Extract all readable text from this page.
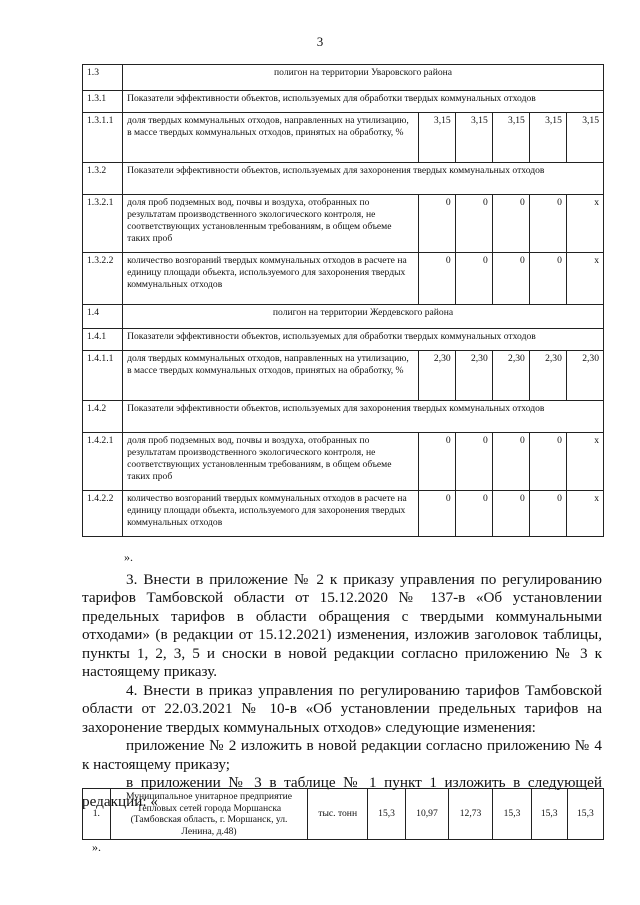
3
1.3	полигон на территории Уваровского района					
1.3.1	Показатели эффективности объектов, используемых для обработки твердых коммунальных отходов					
1.3.1.1	доля твердых коммунальных отходов, направленных на утилизацию, в массе твердых коммунальных отходов, принятых на обработку, %	3,15	3,15	3,15	3,15	3,15
1.3.2	Показатели эффективности объектов, используемых для захоронения твердых коммунальных отходов					
1.3.2.1	доля проб подземных вод, почвы и воздуха, отобранных по результатам производственного экологического контроля, не соответствующих установленным требованиям, в общем объеме таких проб	0	0	0	0	x
1.3.2.2	количество возгораний твердых коммунальных отходов в расчете на единицу площади объекта, используемого для захоронения твердых коммунальных отходов	0	0	0	0	x
1.4	полигон на территории Жердевского района					
1.4.1	Показатели эффективности объектов, используемых для обработки твердых коммунальных отходов					
1.4.1.1	доля твердых коммунальных отходов, направленных на утилизацию, в массе твердых коммунальных отходов, принятых на обработку, %	2,30	2,30	2,30	2,30	2,30
1.4.2	Показатели эффективности объектов, используемых для захоронения твердых коммунальных отходов					
1.4.2.1	доля проб подземных вод, почвы и воздуха, отобранных по результатам производственного экологического контроля, не соответствующих установленным требованиям, в общем объеме таких проб	0	0	0	0	x
1.4.2.2	количество возгораний твердых коммунальных отходов в расчете на единицу площади объекта, используемого для захоронения твердых коммунальных отходов	0	0	0	0	x

».

3. Внести в приложение № 2 к приказу управления по регулированию тарифов Тамбовской области от 15.12.2020 № 137-в «Об установлении предельных тарифов в области обращения с твердыми коммунальными отходами» (в редакции от 15.12.2021) изменения, изложив заголовок таблицы, пункты 1, 2, 3, 5 и сноски в новой редакции согласно приложению № 3 к настоящему приказу.

4. Внести в приказ управления по регулированию тарифов Тамбовской области от 22.03.2021 № 10-в «Об установлении предельных тарифов на захоронение твердых коммунальных отходов» следующие изменения:

приложение № 2 изложить в новой редакции согласно приложению № 4 к настоящему приказу;

в приложении № 3 в таблице № 1 пункт 1 изложить в следующей редакции: «

1.	Муниципальное унитарное предприятие Тепловых сетей города Моршанска (Тамбовская область, г. Моршанск, ул. Ленина, д.48)	тыс. тонн	15,3	10,97	12,73	15,3	15,3	15,3
».
